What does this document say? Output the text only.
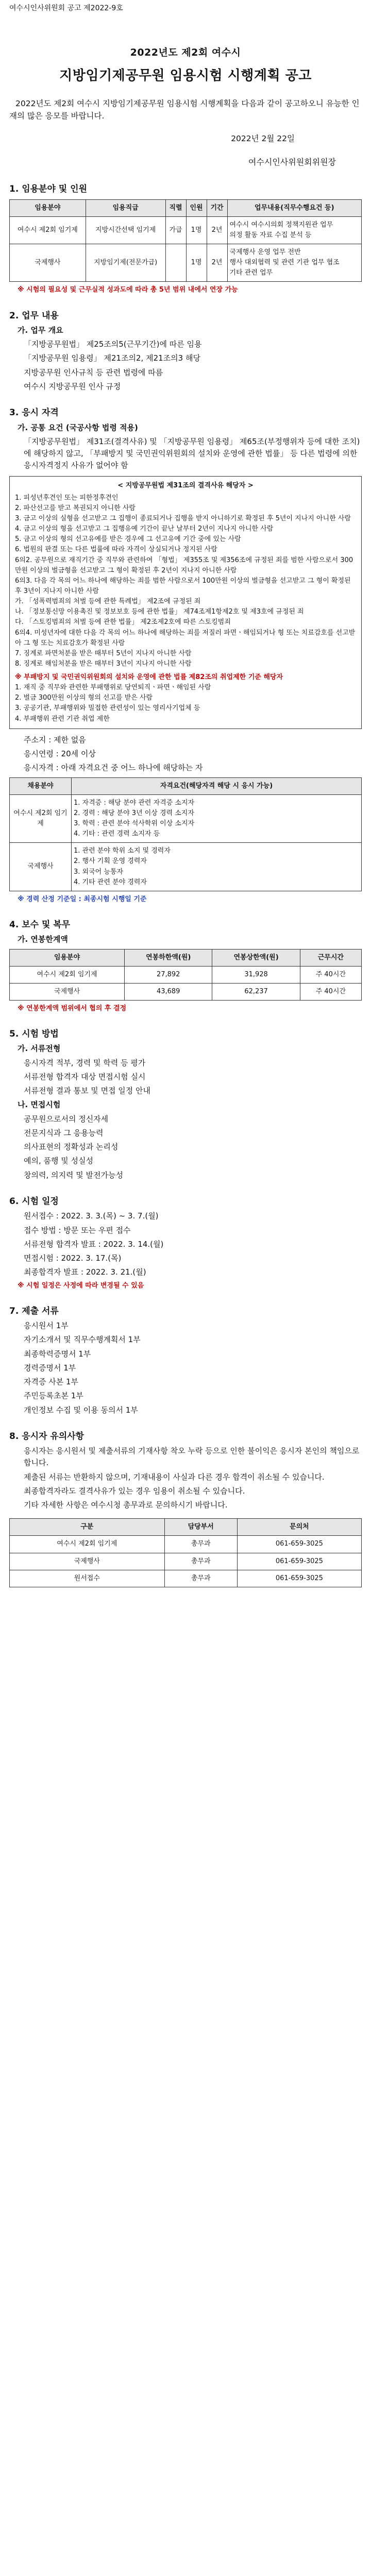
여수시인사위원회 공고 제2022-9호
2022년도 제2회 여수시
지방임기제공무원 임용시험 시행계획 공고
2022년도 제2회 여수시 지방임기제공무원 임용시험 시행계획을 다음과 같이 공고하오니 유능한 인재의 많은 응모를 바랍니다.
2022년 2월 22일
여수시인사위원회위원장
1. 임용분야 및 인원
임용분야	임용직급	직렬	인원	기간	업무내용(직무수행요건 등)
여수시 제2회 임기제	지방시간선택 임기제	가급	1명	2년	여수시 여수시의회 정책지원관 업무
의정 활동 자료 수집 분석 등
국제행사	지방임기제(전문가급)		1명	2년	국제행사 운영 업무 전반
행사 대외협력 및 관련 기관 업무 협조
기타 관련 업무
※ 시험의 필요성 및 근무실적 성과도에 따라 총 5년 범위 내에서 연장 가능
2. 업무 내용
가. 업무 개요
「지방공무원법」 제25조의5(근무기간)에 따른 임용
「지방공무원 임용령」 제21조의2, 제21조의3 해당
지방공무원 인사규칙 등 관련 법령에 따름
여수시 지방공무원 인사 규정
3. 응시 자격
가. 공통 요건 (국공사항 법령 적용)
「지방공무원법」 제31조(결격사유) 및 「지방공무원 임용령」 제65조(부정행위자 등에 대한 조치)에 해당하지 않고, 「부패방지 및 국민권익위원회의 설치와 운영에 관한 법률」 등 다른 법령에 의한 응시자격정지 사유가 없어야 함
< 지방공무원법 제31조의 결격사유 해당자 >
1. 피성년후견인 또는 피한정후견인
2. 파산선고를 받고 복권되지 아니한 사람
3. 금고 이상의 실형을 선고받고 그 집행이 종료되거나 집행을 받지 아니하기로 확정된 후 5년이 지나지 아니한 사람
4. 금고 이상의 형을 선고받고 그 집행유예 기간이 끝난 날부터 2년이 지나지 아니한 사람
5. 금고 이상의 형의 선고유예를 받은 경우에 그 선고유예 기간 중에 있는 사람
6. 법원의 판결 또는 다른 법률에 따라 자격이 상실되거나 정지된 사람
6의2. 공무원으로 재직기간 중 직무와 관련하여 「형법」 제355조 및 제356조에 규정된 죄를 범한 사람으로서 300만원 이상의 벌금형을 선고받고 그 형이 확정된 후 2년이 지나지 아니한 사람
6의3. 다음 각 목의 어느 하나에 해당하는 죄를 범한 사람으로서 100만원 이상의 벌금형을 선고받고 그 형이 확정된 후 3년이 지나지 아니한 사람
가. 「성폭력범죄의 처벌 등에 관한 특례법」 제2조에 규정된 죄
나. 「정보통신망 이용촉진 및 정보보호 등에 관한 법률」 제74조제1항제2호 및 제3호에 규정된 죄
다. 「스토킹범죄의 처벌 등에 관한 법률」 제2조제2호에 따른 스토킹범죄
6의4. 미성년자에 대한 다음 각 목의 어느 하나에 해당하는 죄를 저질러 파면ㆍ해임되거나 형 또는 치료감호를 선고받아 그 형 또는 치료감호가 확정된 사람
7. 징계로 파면처분을 받은 때부터 5년이 지나지 아니한 사람
8. 징계로 해임처분을 받은 때부터 3년이 지나지 아니한 사람
※ 부패방지 및 국민권익위원회의 설치와 운영에 관한 법률 제82조의 취업제한 기준 해당자
1. 재직 중 직무와 관련한 부패행위로 당연퇴직ㆍ파면ㆍ해임된 사람
2. 벌금 300만원 이상의 형의 선고를 받은 사람
3. 공공기관, 부패행위와 밀접한 관련성이 있는 영리사기업체 등
4. 부패행위 관련 기관 취업 제한
주소지 : 제한 없음
응시연령 : 20세 이상
응시자격 : 아래 자격요건 중 어느 하나에 해당하는 자
채용분야	자격요건(해당자격 해당 시 응시 가능)
여수시 제2회 임기제	1. 자격증 : 해당 분야 관련 자격증 소지자
2. 경력 : 해당 분야 3년 이상 경력 소지자
3. 학력 : 관련 분야 석사학위 이상 소지자
4. 기타 : 관련 경력 소지자 등
국제행사	1. 관련 분야 학위 소지 및 경력자
2. 행사 기획 운영 경력자
3. 외국어 능통자
4. 기타 관련 분야 경력자
※ 경력 산정 기준일 : 최종시험 시행일 기준
4. 보수 및 복무
가. 연봉한계액
임용분야	연봉하한액(원)	연봉상한액(원)	근무시간
여수시 제2회 임기제	27,892	31,928	주 40시간
국제행사	43,689	62,237	주 40시간
※ 연봉한계액 범위에서 협의 후 결정
5. 시험 방법
가. 서류전형
응시자격 적부, 경력 및 학력 등 평가
서류전형 합격자 대상 면접시험 실시
서류전형 결과 통보 및 면접 일정 안내
나. 면접시험
공무원으로서의 정신자세
전문지식과 그 응용능력
의사표현의 정확성과 논리성
예의, 품행 및 성실성
창의력, 의지력 및 발전가능성
6. 시험 일정
원서접수 : 2022. 3. 3.(목) ~ 3. 7.(월)
접수 방법 : 방문 또는 우편 접수
서류전형 합격자 발표 : 2022. 3. 14.(월)
면접시험 : 2022. 3. 17.(목)
최종합격자 발표 : 2022. 3. 21.(월)
※ 시험 일정은 사정에 따라 변경될 수 있음
7. 제출 서류
응시원서 1부
자기소개서 및 직무수행계획서 1부
최종학력증명서 1부
경력증명서 1부
자격증 사본 1부
주민등록초본 1부
개인정보 수집 및 이용 동의서 1부
8. 응시자 유의사항
응시자는 응시원서 및 제출서류의 기재사항 착오 누락 등으로 인한 불이익은 응시자 본인의 책임으로 합니다.
제출된 서류는 반환하지 않으며, 기재내용이 사실과 다른 경우 합격이 취소될 수 있습니다.
최종합격자라도 결격사유가 있는 경우 임용이 취소될 수 있습니다.
기타 자세한 사항은 여수시청 총무과로 문의하시기 바랍니다.
구분	담당부서	문의처
여수시 제2회 임기제	총무과	061-659-3025
국제행사	총무과	061-659-3025
원서접수	총무과	061-659-3025
